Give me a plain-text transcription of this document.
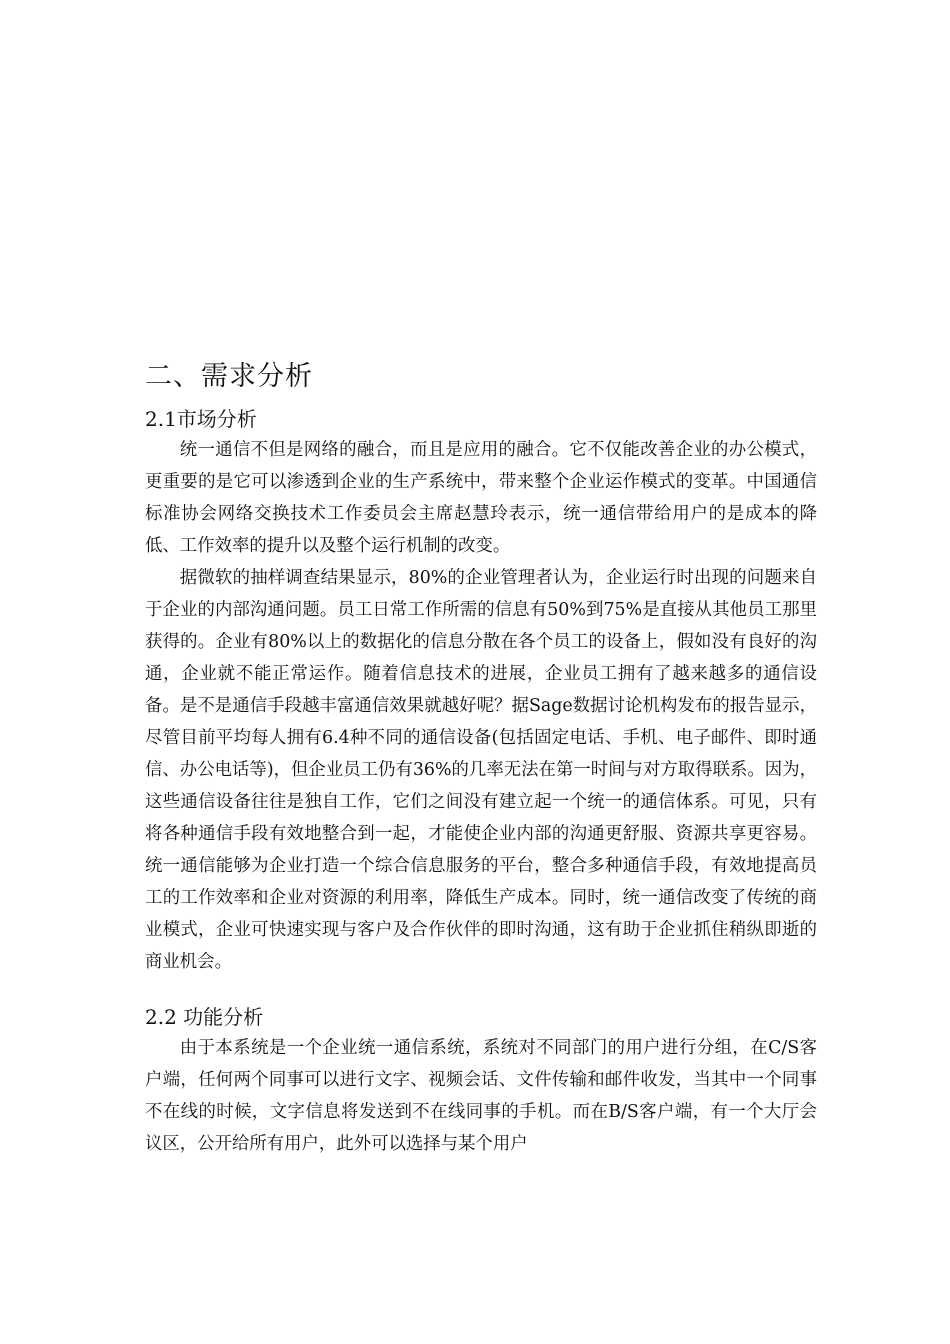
二、需求分析
2.1市场分析

统一通信不但是网络的融合，而且是应用的融合。它不仅能改善企业的办公模式，更重要的是它可以渗透到企业的生产系统中，带来整个企业运作模式的变革。中国通信标准协会网络交换技术工作委员会主席赵慧玲表示，统一通信带给用户的是成本的降低、工作效率的提升以及整个运行机制的改变。

据微软的抽样调查结果显示，80%的企业管理者认为，企业运行时出现的问题来自于企业的内部沟通问题。员工日常工作所需的信息有50%到75%是直接从其他员工那里获得的。企业有80%以上的数据化的信息分散在各个员工的设备上，假如没有良好的沟通，企业就不能正常运作。随着信息技术的进展，企业员工拥有了越来越多的通信设备。是不是通信手段越丰富通信效果就越好呢？据Sage数据讨论机构发布的报告显示，尽管目前平均每人拥有6.4种不同的通信设备(包括固定电话、手机、电子邮件、即时通信、办公电话等)，但企业员工仍有36%的几率无法在第一时间与对方取得联系。因为，这些通信设备往往是独自工作，它们之间没有建立起一个统一的通信体系。可见，只有将各种通信手段有效地整合到一起，才能使企业内部的沟通更舒服、资源共享更容易。统一通信能够为企业打造一个综合信息服务的平台，整合多种通信手段，有效地提高员工的工作效率和企业对资源的利用率，降低生产成本。同时，统一通信改变了传统的商业模式，企业可快速实现与客户及合作伙伴的即时沟通，这有助于企业抓住稍纵即逝的商业机会。

2.2 功能分析

由于本系统是一个企业统一通信系统，系统对不同部门的用户进行分组，在C/S客户端，任何两个同事可以进行文字、视频会话、文件传输和邮件收发，当其中一个同事不在线的时候，文字信息将发送到不在线同事的手机。而在B/S客户端，有一个大厅会议区，公开给所有用户，此外可以选择与某个用户
